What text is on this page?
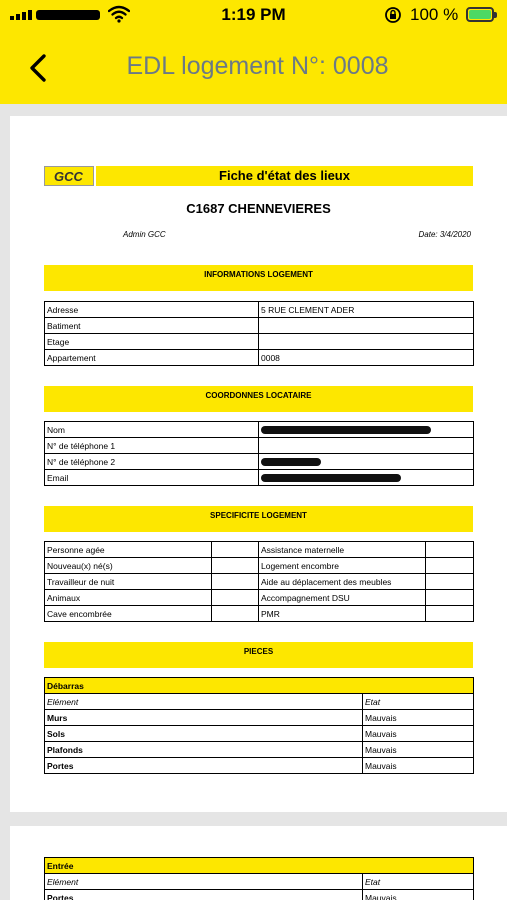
1:19 PM	100 %
EDL logement N°: 0008
GCC	Fiche d'état des lieux
C1687 CHENNEVIERES
Admin GCC	Date: 3/4/2020
INFORMATIONS LOGEMENT
Adresse	5 RUE CLEMENT ADER
Batiment	
Etage	
Appartement	0008
COORDONNES LOCATAIRE
Nom	
N° de téléphone 1	
N° de téléphone 2	
Email	
SPECIFICITE LOGEMENT
Personne agée		Assistance maternelle	
Nouveau(x) né(s)		Logement encombre	
Travailleur de nuit		Aide au déplacement des meubles	
Animaux		Accompagnement DSU	
Cave encombrée		PMR	
PIECES
Débarras	
Elément	Etat
Murs	Mauvais
Sols	Mauvais
Plafonds	Mauvais
Portes	Mauvais
Entrée	
Elément	Etat
Portes	Mauvais
